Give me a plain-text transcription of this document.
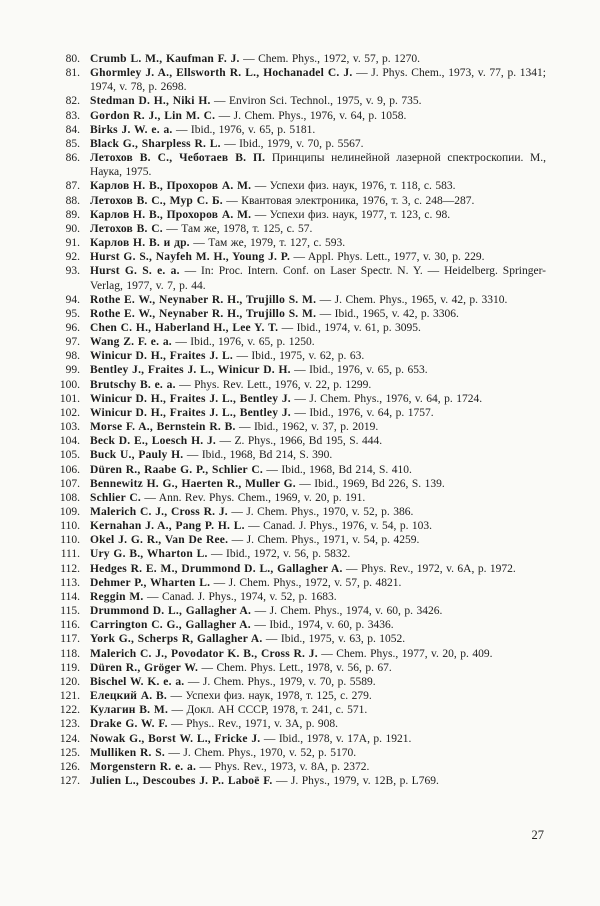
80. Crumb L. M., Kaufman F. J. — Chem. Phys., 1972, v. 57, p. 1270.
81. Ghormley J. A., Ellsworth R. L., Hochanadel C. J. — J. Phys. Chem., 1973, v. 77, p. 1341; 1974, v. 78, p. 2698.
82. Stedman D. H., Niki H. — Environ Sci. Technol., 1975, v. 9, p. 735.
83. Gordon R. J., Lin M. C. — J. Chem. Phys., 1976, v. 64, p. 1058.
84. Birks J. W. e. a. — Ibid., 1976, v. 65, p. 5181.
85. Black G., Sharpless R. L. — Ibid., 1979, v. 70, p. 5567.
86. Летохов В. С., Чеботаев В. П. Принципы нелинейной лазерной спектроскопии. М., Наука, 1975.
87. Карлов Н. В., Прохоров А. М. — Успехи физ. наук, 1976, т. 118, с. 583.
88. Летохов В. С., Мур С. Б. — Квантовая электроника, 1976, т. 3, с. 248—287.
89. Карлов Н. В., Прохоров А. М. — Успехи физ. наук, 1977, т. 123, с. 98.
90. Летохов В. С. — Там же, 1978, т. 125, с. 57.
91. Карлов Н. В. и др. — Там же, 1979, т. 127, с. 593.
92. Hurst G. S., Nayfeh M. H., Young J. P. — Appl. Phys. Lett., 1977, v. 30, p. 229.
93. Hurst G. S. e. a. — In: Proc. Intern. Conf. on Laser Spectr. N. Y. — Heidelberg. Springer-Verlag, 1977, v. 7, p. 44.
94. Rothe E. W., Neynaber R. H., Trujillo S. M. — J. Chem. Phys., 1965, v. 42, p. 3310.
95. Rothe E. W., Neynaber R. H., Trujillo S. M. — Ibid., 1965, v. 42, p. 3306.
96. Chen C. H., Haberland H., Lee Y. T. — Ibid., 1974, v. 61, p. 3095.
97. Wang Z. F. e. a. — Ibid., 1976, v. 65, p. 1250.
98. Winicur D. H., Fraites J. L. — Ibid., 1975, v. 62, p. 63.
99. Bentley J., Fraites J. L., Winicur D. H. — Ibid., 1976, v. 65, p. 653.
100. Brutschy B. e. a. — Phys. Rev. Lett., 1976, v. 22, p. 1299.
101. Winicur D. H., Fraites J. L., Bentley J. — J. Chem. Phys., 1976, v. 64, p. 1724.
102. Winicur D. H., Fraites J. L., Bentley J. — Ibid., 1976, v. 64, p. 1757.
103. Morse F. A., Bernstein R. B. — Ibid., 1962, v. 37, p. 2019.
104. Beck D. E., Loesch H. J. — Z. Phys., 1966, Bd 195, S. 444.
105. Buck U., Pauly H. — Ibid., 1968, Bd 214, S. 390.
106. Düren R., Raabe G. P., Schlier C. — Ibid., 1968, Bd 214, S. 410.
107. Bennewitz H. G., Haerten R., Muller G. — Ibid., 1969, Bd 226, S. 139.
108. Schlier C. — Ann. Rev. Phys. Chem., 1969, v. 20, p. 191.
109. Malerich C. J., Cross R. J. — J. Chem. Phys., 1970, v. 52, p. 386.
110. Kernahan J. A., Pang P. H. L. — Canad. J. Phys., 1976, v. 54, p. 103.
110. Okel J. G. R., Van De Ree. — J. Chem. Phys., 1971, v. 54, p. 4259.
111. Ury G. B., Wharton L. — Ibid., 1972, v. 56, p. 5832.
112. Hedges R. E. M., Drummond D. L., Gallagher A. — Phys. Rev., 1972, v. 6A, p. 1972.
113. Dehmer P., Wharten L. — J. Chem. Phys., 1972, v. 57, p. 4821.
114. Reggin M. — Canad. J. Phys., 1974, v. 52, p. 1683.
115. Drummond D. L., Gallagher A. — J. Chem. Phys., 1974, v. 60, p. 3426.
116. Carrington C. G., Gallagher A. — Ibid., 1974, v. 60, p. 3436.
117. York G., Scherps R, Gallagher A. — Ibid., 1975, v. 63, p. 1052.
118. Malerich C. J., Povodator K. B., Cross R. J. — Chem. Phys., 1977, v. 20, p. 409.
119. Düren R., Gröger W. — Chem. Phys. Lett., 1978, v. 56, p. 67.
120. Bischel W. K. e. a. — J. Chem. Phys., 1979, v. 70, p. 5589.
121. Елецкий А. В. — Успехи физ. наук, 1978, т. 125, с. 279.
122. Кулагин В. М. — Докл. АН СССР, 1978, т. 241, с. 571.
123. Drake G. W. F. — Phys.. Rev., 1971, v. 3A, p. 908.
124. Nowak G., Borst W. L., Fricke J. — Ibid., 1978, v. 17A, p. 1921.
125. Mulliken R. S. — J. Chem. Phys., 1970, v. 52, p. 5170.
126. Morgenstern R. e. a. — Phys. Rev., 1973, v. 8A, p. 2372.
127. Julien L., Descoubes J. P.. Laboë F. — J. Phys., 1979, v. 12B, p. L769.
27
